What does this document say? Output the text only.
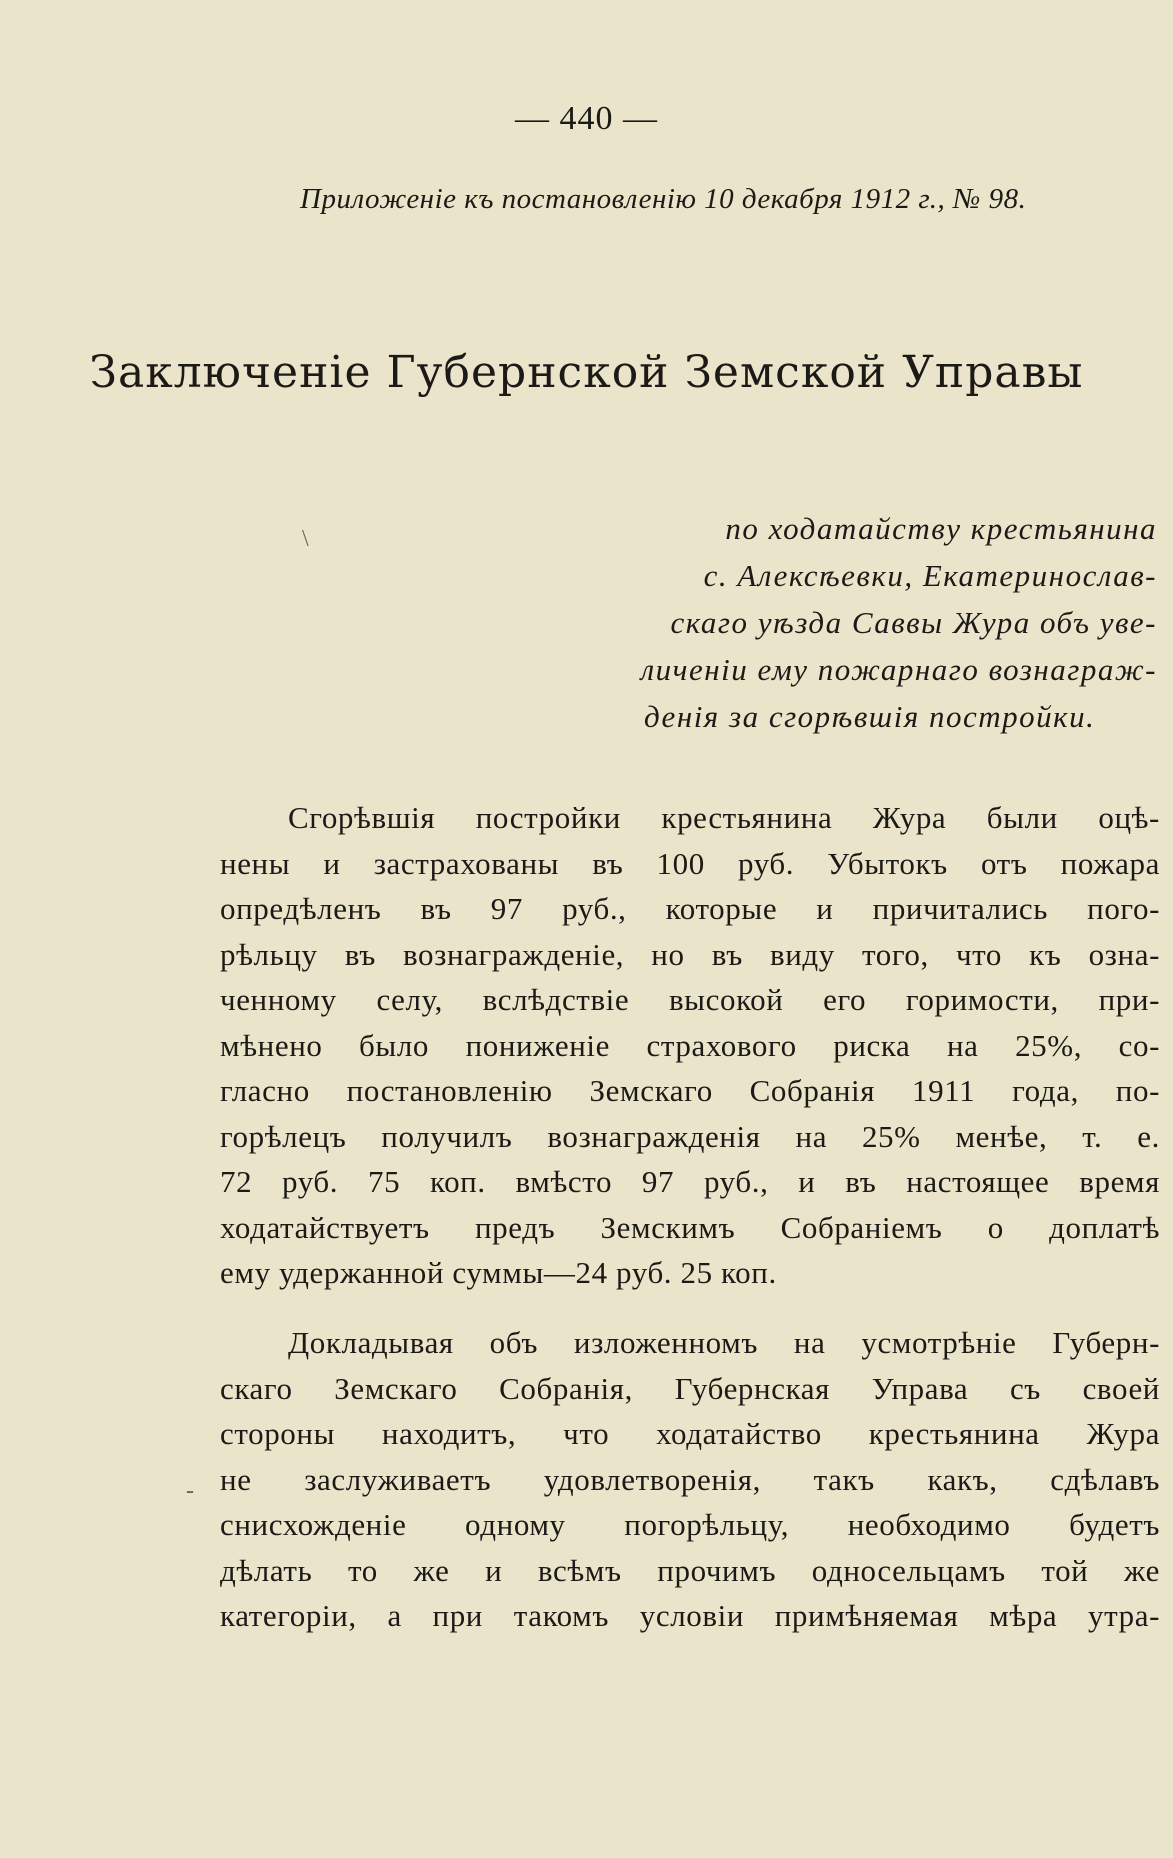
— 440 —
Приложеніе къ постановленію 10 декабря 1912 г., № 98.
Заключеніе Губернской Земской Управы
по ходатайству крестьянина
с. Алексѣевки, Екатеринослав-
скаго уѣзда Саввы Жура объ уве-
личеніи ему пожарнаго вознаграж-
денія за сгорѣвшія постройки.
Сгорѣвшія постройки крестьянина Жура были оцѣ-
нены и застрахованы въ 100 руб. Убытокъ отъ пожара
опредѣленъ въ 97 руб., которые и причитались пого-
рѣльцу въ вознагражденіе, но въ виду того, что къ озна-
ченному селу, вслѣдствіе высокой его горимости, при-
мѣнено было пониженіе страхового риска на 25%, со-
гласно постановленію Земскаго Собранія 1911 года, по-
горѣлецъ получилъ вознагражденія на 25% менѣе, т. е.
72 руб. 75 коп. вмѣсто 97 руб., и въ настоящее время
ходатайствуетъ предъ Земскимъ Собраніемъ о доплатѣ
ему удержанной суммы—24 руб. 25 коп.
Докладывая объ изложенномъ на усмотрѣніе Губерн-
скаго Земскаго Собранія, Губернская Управа съ своей
стороны находитъ, что ходатайство крестьянина Жура
не заслуживаетъ удовлетворенія, такъ какъ, сдѣлавъ
снисхожденіе одному погорѣльцу, необходимо будетъ
дѣлать то же и всѣмъ прочимъ односельцамъ той же
категоріи, а при такомъ условіи примѣняемая мѣра утра-
-
\
